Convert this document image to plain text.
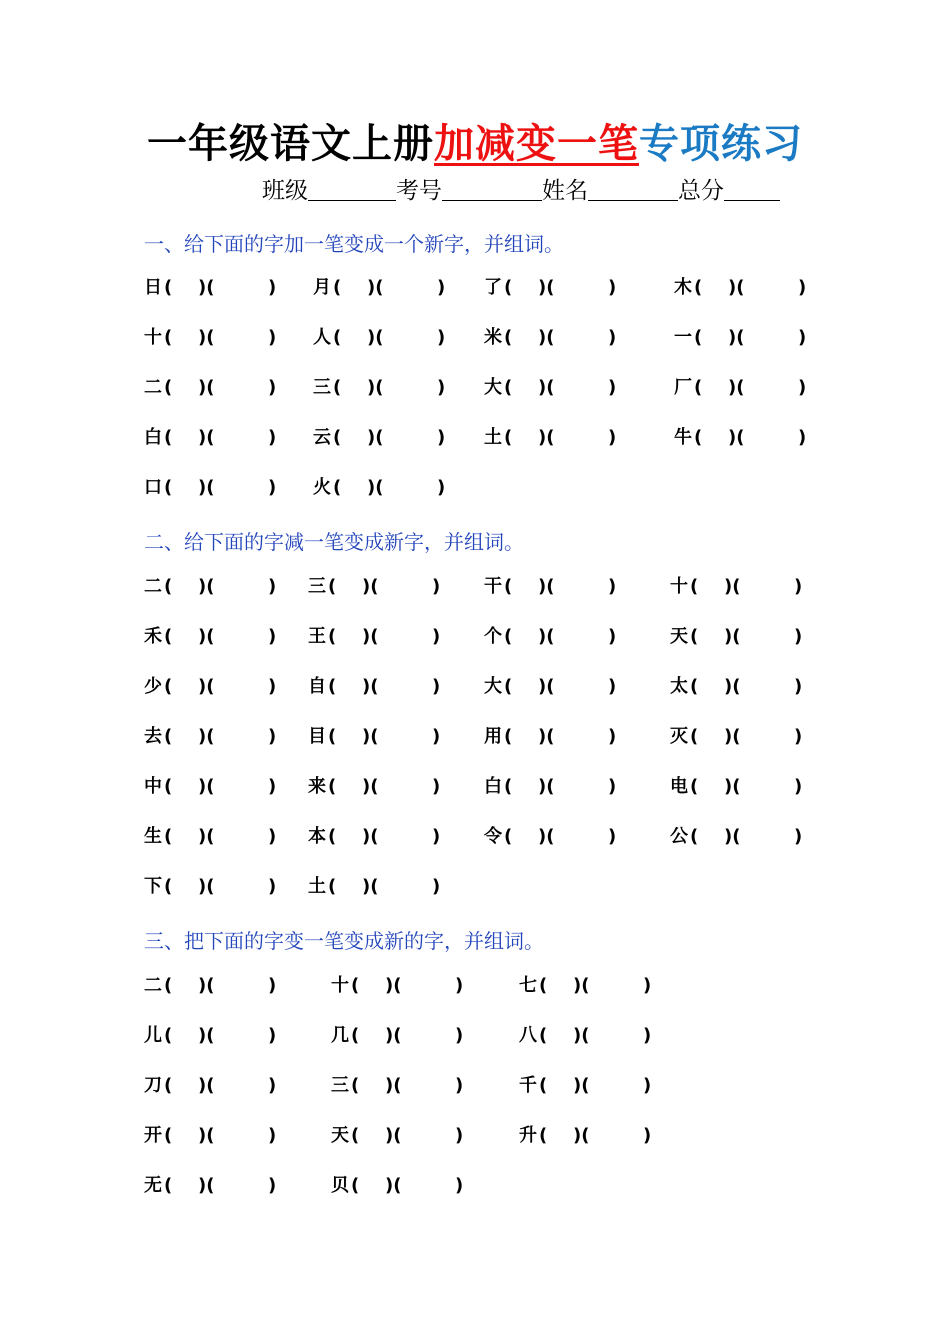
一年级语文上册加减变一笔专项练习
班级	考号	姓名	总分
一、给下面的字加一笔变成一个新字，并组词。
二、给下面的字减一笔变成新字，并组词。
三、把下面的字变一笔变成新的字，并组词。
日 ( )(	) 月 ( )(	) 了 ( )(	)	木 ( )(	)
十 ( )(	) 人 ( )(	) 米 ( )(	)	一 ( )(	)
二 ( )(	) 三 ( )(	) 大 ( )(	)	厂 ( )(	)
白 ( )(	) 云 ( )(	) 土 ( )(	)	牛 ( )(	)
口 ( )(	) 火 ( )(	)
二 ( )(	) 三 ( )(	) 干 ( )(	)	十 ( )(	)
禾 ( )(	) 王 ( )(	) 个 ( )(	)	天 ( )(	)
少 ( )(	) 自 ( )(	) 大 ( )(	)	太 ( )(	)
去 ( )(	) 目 ( )(	) 用 ( )(	)	灭 ( )(	)
中 ( )(	) 来 ( )(	) 白 ( )(	)	电 ( )(	)
生 ( )(	) 本 ( )(	) 令 ( )(	)	公 ( )(	)
下 ( )(	) 土 ( )(	)
二 ( )(	)	十 ( )(	)	七 ( )(	)
儿 ( )(	)	几 ( )(	)	八 ( )(	)
刀 ( )(	)	三 ( )(	)	千 ( )(	)
开 ( )(	)	天 ( )(	)	升 ( )(	)
无 ( )(	)	贝 ( )(	)
